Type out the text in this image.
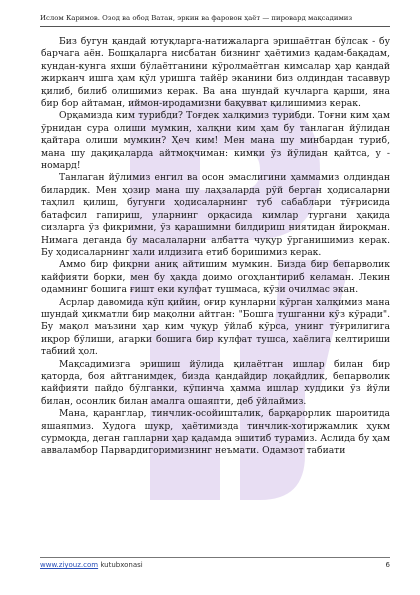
Ислом Каримов. Озод ва обод Ватан, эркин ва фаровон ҳаёт — пировард мақсадимиз

Биз бугун қандай ютуқларга-натижаларга эришаётган бўлсак - бу барчага аён. Бошқаларга нисбатан бизнинг ҳаётимиз қадам-бақадам, кундан-кунга яхши бўлаётганини кўролмаётган кимсалар ҳар қандай жирканч ишга ҳам қўл уришга тайёр эканини биз олдиндан тасаввур қилиб, билиб олишимиз керак. Ва ана шундай кучларга қарши, яна бир бор айтаман, иймон-иродамизни бақувват қилишимиз керак.

Орқамизда ким турибди? Тоғдек халқимиз турибди. Тоғни ким ҳам ўрнидан сура олиши мумкин, халқни ким ҳам бу танлаган йўлидан қайтара олиши мумкин? Ҳеч ким! Мен мана шу минбардан туриб, мана шу дақиқаларда айтмоқчиман: кимки ўз йўлидан қайтса, у - номард!

Танлаган йўлимиз енгил ва осон эмаслигини ҳаммамиз олдиндан билардик. Мен ҳозир мана шу лаҳзаларда рўй берган ҳодисаларни таҳлил қилиш, бугунги ҳодисаларнинг туб сабаблари тўғрисида батафсил гапириш, уларнинг орқасида кимлар тургани ҳақида сизларга ўз фикримни, ўз қарашимни билдириш ниятидан йироқман. Нимага деганда бу масалаларни албатта чуқур ўрганишимиз керак. Бу ҳодисаларнинг хали илдизига етиб боришимиз керак.

Аммо бир фикрни аниқ айтишим мумкин. Бизда бир бепарволик кайфияти борки, мен бу ҳақда доимо огоҳлантириб келаман. Лекин одамнинг бошига ғишт еки кулфат тушмаса, кўзи очилмас экан.

Асрлар давомида кўп қийин, оғир кунларни кўрган халқимиз мана шундай ҳикматли бир мақолни айтган: "Бошга тушганни кўз кўради". Бу мақол маъзини ҳар ким чуқур ўйлаб кўрса, унинг тўғрилигига иқрор бўлиши, агарки бошига бир кулфат тушса, хаёлига келтириши табиий ҳол.

Мақсадимизга эришиш йўлида қилаётган ишлар билан бир қаторда, боя айтганимдек, бизда қандайдир лоқайдлик, бепарволик кайфияти пайдо бўлганки, кўпинча ҳамма ишлар худдики ўз йўли билан, осонлик билан амалга ошаяпти, деб ўйлаймиз.

Мана, қаранглар, тинчлик-осойишталик, барқарорлик шароитида яшаяпмиз. Худога шукр, ҳаётимизда тинчлик-хотиржамлик ҳукм сурмоқда, деган гапларни ҳар қадамда эшитиб турамиз. Аслида бу ҳам авваламбор Парвардигоримизнинг неъмати. Одамзот табиати

www.ziyouz.com kutubxonasi	6
